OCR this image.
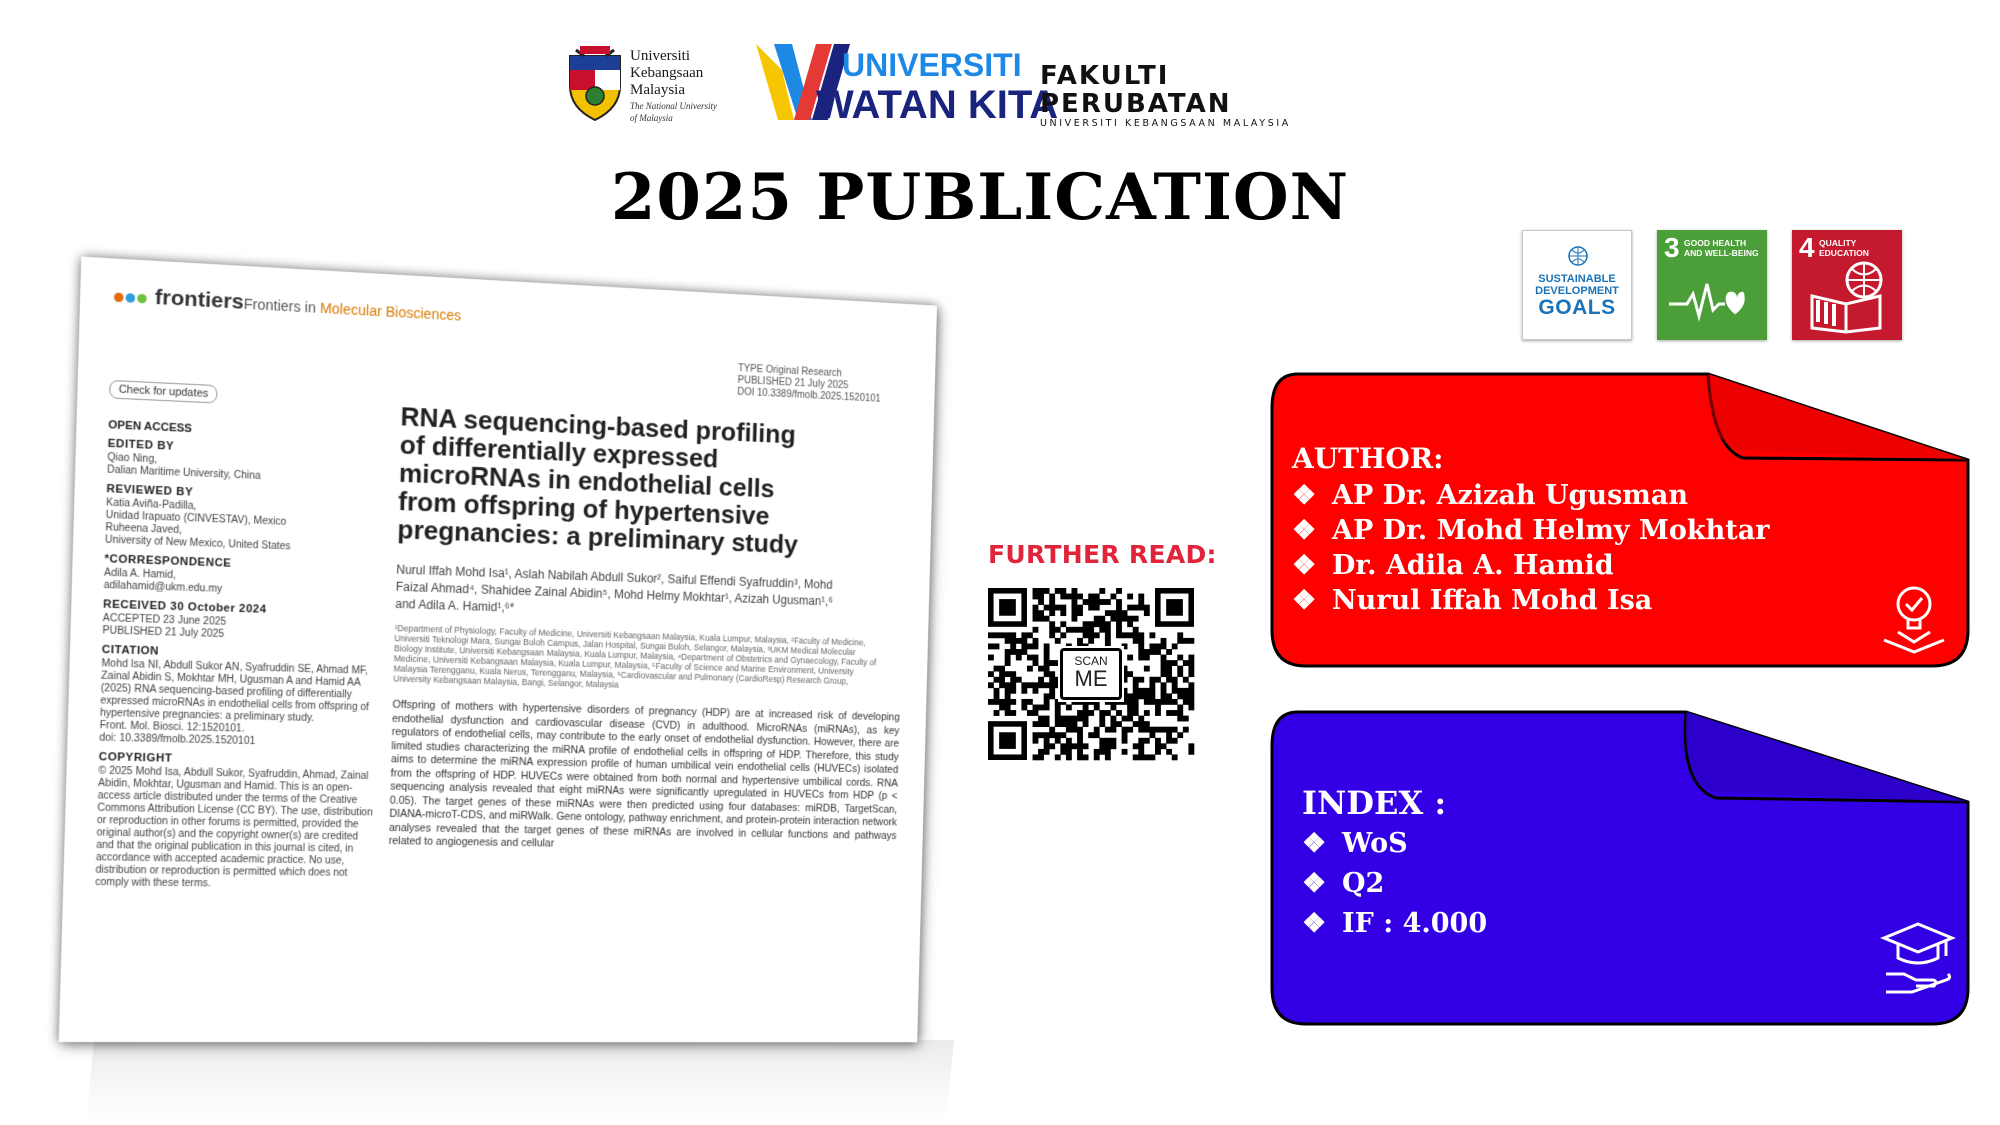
Universiti
Kebangsaan
Malaysia
The National University
of Malaysia
UNIVERSITI
WATAN KITA
FAKULTI PERUBATAN
UNIVERSITI KEBANGSAAN MALAYSIA
2025 PUBLICATION
SUSTAINABLE
DEVELOPMENT
GOALS
3 GOOD HEALTH AND WELL-BEING 4 QUALITY EDUCATION
frontiers Frontiers in Molecular Biosciences
TYPE Original Research
PUBLISHED 21 July 2025
DOI 10.3389/fmolb.2025.1520101
Check for updates
OPEN ACCESS
EDITED BY
Qiao Ning,
Dalian Maritime University, China
REVIEWED BY
Katia Aviña-Padilla,
Unidad Irapuato (CINVESTAV), Mexico
Ruheena Javed,
University of New Mexico, United States
*CORRESPONDENCE
Adila A. Hamid,
adilahamid@ukm.edu.my
RECEIVED 30 October 2024
ACCEPTED 23 June 2025
PUBLISHED 21 July 2025
CITATION
Mohd Isa NI, Abdull Sukor AN, Syafruddin SE, Ahmad MF, Zainal Abidin S, Mokhtar MH, Ugusman A and Hamid AA (2025) RNA sequencing-based profiling of differentially expressed microRNAs in endothelial cells from offspring of hypertensive pregnancies: a preliminary study.
Front. Mol. Biosci. 12:1520101.
doi: 10.3389/fmolb.2025.1520101
COPYRIGHT
© 2025 Mohd Isa, Abdull Sukor, Syafruddin, Ahmad, Zainal Abidin, Mokhtar, Ugusman and Hamid. This is an open-access article distributed under the terms of the Creative Commons Attribution License (CC BY). The use, distribution or reproduction in other forums is permitted, provided the original author(s) and the copyright owner(s) are credited and that the original publication in this journal is cited, in accordance with accepted academic practice. No use, distribution or reproduction is permitted which does not comply with these terms.
RNA sequencing-based profiling
of differentially expressed
microRNAs in endothelial cells
from offspring of hypertensive
pregnancies: a preliminary study
Nurul Iffah Mohd Isa¹, Aslah Nabilah Abdull Sukor², Saiful Effendi Syafruddin³, Mohd Faizal Ahmad⁴, Shahidee Zainal Abidin⁵, Mohd Helmy Mokhtar¹, Azizah Ugusman¹,⁶ and Adila A. Hamid¹,⁶*
¹Department of Physiology, Faculty of Medicine, Universiti Kebangsaan Malaysia, Kuala Lumpur, Malaysia, ²Faculty of Medicine, Universiti Teknologi Mara, Sungai Buloh Campus, Jalan Hospital, Sungai Buloh, Selangor, Malaysia, ³UKM Medical Molecular Biology Institute, Universiti Kebangsaan Malaysia, Kuala Lumpur, Malaysia, ⁴Department of Obstetrics and Gynaecology, Faculty of Medicine, Universiti Kebangsaan Malaysia, Kuala Lumpur, Malaysia, ⁵Faculty of Science and Marine Environment, University Malaysia Terengganu, Kuala Nerus, Terengganu, Malaysia, ⁶Cardiovascular and Pulmonary (CardioResp) Research Group, University Kebangsaan Malaysia, Bangi, Selangor, Malaysia
Offspring of mothers with hypertensive disorders of pregnancy (HDP) are at increased risk of developing endothelial dysfunction and cardiovascular disease (CVD) in adulthood. MicroRNAs (miRNAs), as key regulators of endothelial cells, may contribute to the early onset of endothelial dysfunction. However, there are limited studies characterizing the miRNA profile of endothelial cells in offspring of HDP. Therefore, this study aims to determine the miRNA expression profile of human umbilical vein endothelial cells (HUVECs) isolated from the offspring of HDP. HUVECs were obtained from both normal and hypertensive umbilical cords. RNA sequencing analysis revealed that eight miRNAs were significantly upregulated in HUVECs from HDP (p < 0.05). The target genes of these miRNAs were then predicted using four databases: miRDB, TargetScan, DIANA-microT-CDS, and miRWalk. Gene ontology, pathway enrichment, and protein-protein interaction network analyses revealed that the target genes of these miRNAs are involved in cellular functions and pathways related to angiogenesis and cellular
FURTHER READ:
SCAN
ME
AUTHOR:
❖ AP Dr. Azizah Ugusman
❖ AP Dr. Mohd Helmy Mokhtar
❖ Dr. Adila A. Hamid
❖ Nurul Iffah Mohd Isa
INDEX :
❖ WoS
❖ Q2
❖ IF : 4.000
